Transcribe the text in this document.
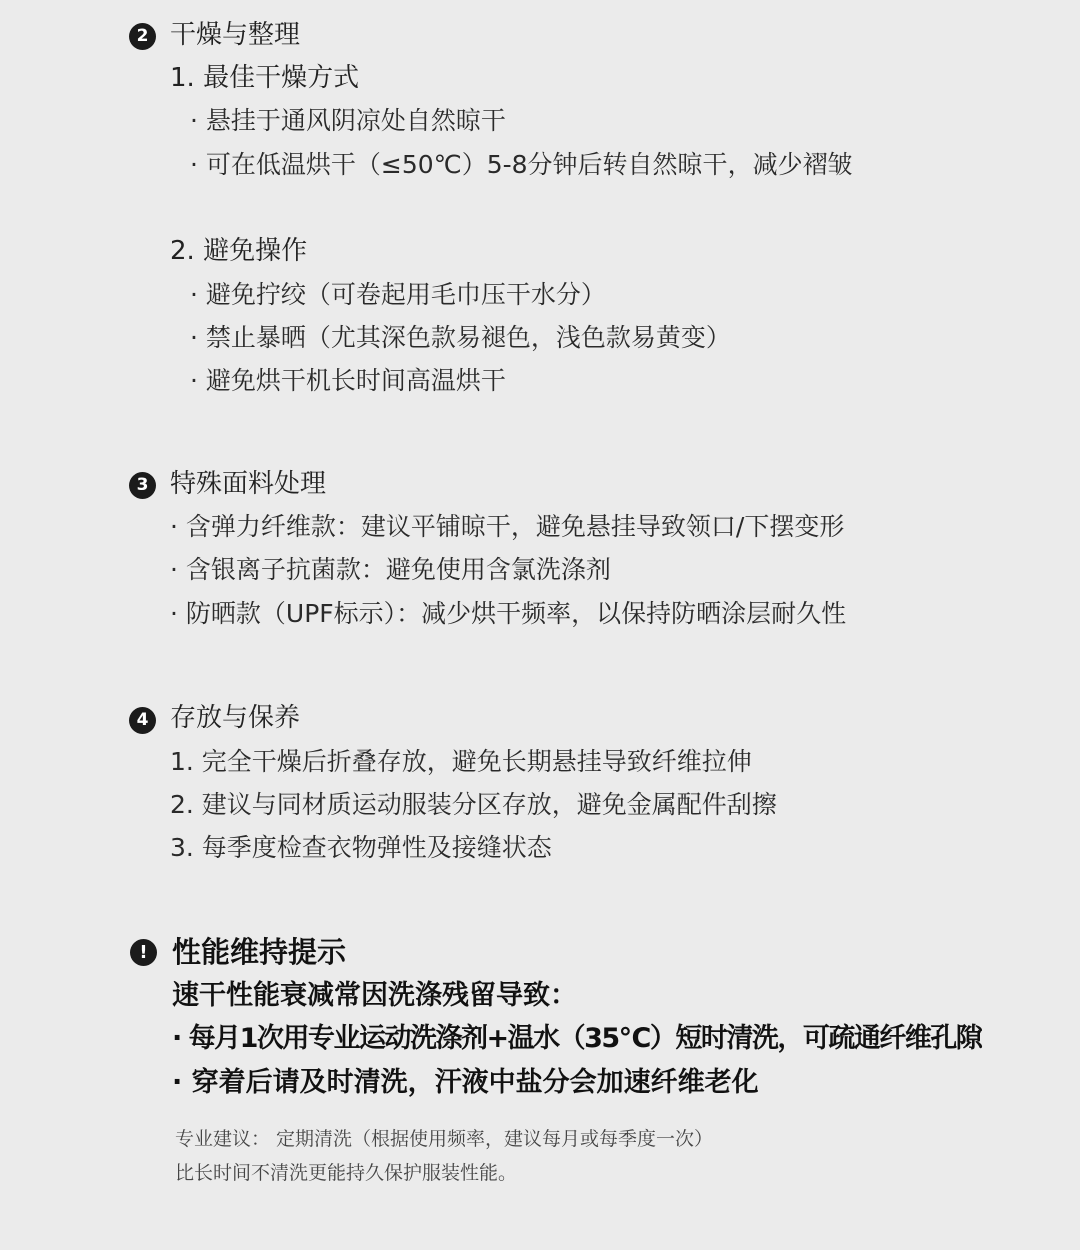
2 干燥与整理
1. 最佳干燥方式
· 悬挂于通风阴凉处自然晾干
· 可在低温烘干（≤50℃）5-8分钟后转自然晾干，减少褶皱
2. 避免操作
· 避免拧绞（可卷起用毛巾压干水分）
· 禁止暴晒（尤其深色款易褪色，浅色款易黄变）
· 避免烘干机长时间高温烘干
3 特殊面料处理
· 含弹力纤维款：建议平铺晾干，避免悬挂导致领口/下摆变形
· 含银离子抗菌款：避免使用含氯洗涤剂
· 防晒款（UPF标示）：减少烘干频率，以保持防晒涂层耐久性
4 存放与保养
1. 完全干燥后折叠存放，避免长期悬挂导致纤维拉伸
2. 建议与同材质运动服装分区存放，避免金属配件刮擦
3. 每季度检查衣物弹性及接缝状态
! 性能维持提示
速干性能衰减常因洗涤残留导致：
· 每月1次用专业运动洗涤剂+温水（35℃）短时清洗，可疏通纤维孔隙
· 穿着后请及时清洗，汗液中盐分会加速纤维老化
专业建议： 定期清洗（根据使用频率，建议每月或每季度一次）
比长时间不清洗更能持久保护服装性能。
